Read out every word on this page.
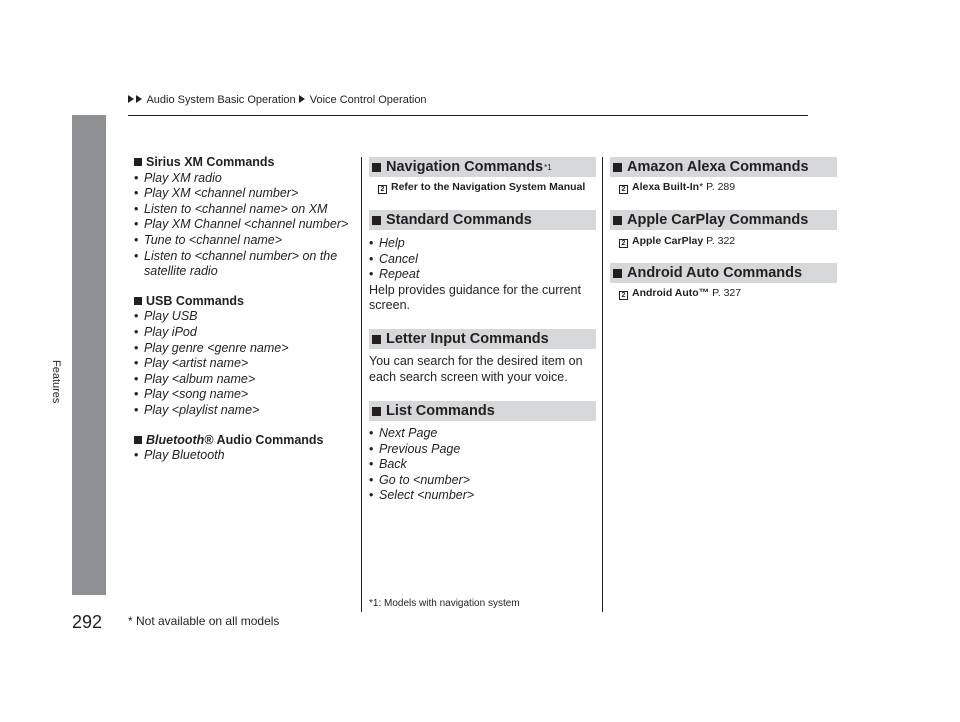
Audio System Basic Operation Voice Control Operation
Features
292

Sirius XM Commands

• Play XM radio
• Play XM <channel number>
• Listen to <channel name> on XM
• Play XM Channel <channel number>
• Tune to <channel name>
• Listen to <channel number> on the
satellite radio

USB Commands

• Play USB
• Play iPod
• Play genre <genre name>
• Play <artist name>
• Play <album name>
• Play <song name>
• Play <playlist name>

Bluetooth® Audio Commands

• Play Bluetooth
Navigation Commands *1
2 Refer to the Navigation System Manual
Standard Commands
• Help
• Cancel
• Repeat
Help provides guidance for the current screen.
Letter Input Commands
You can search for the desired item on each search screen with your voice.
List Commands
• Next Page
• Previous Page
• Back
• Go to <number>
• Select <number>
*1: Models with navigation system
Amazon Alexa Commands
2 Alexa Built-In* P. 289
Apple CarPlay Commands
2 Apple CarPlay P. 322
Android Auto Commands
2 Android Auto™ P. 327
* Not available on all models
